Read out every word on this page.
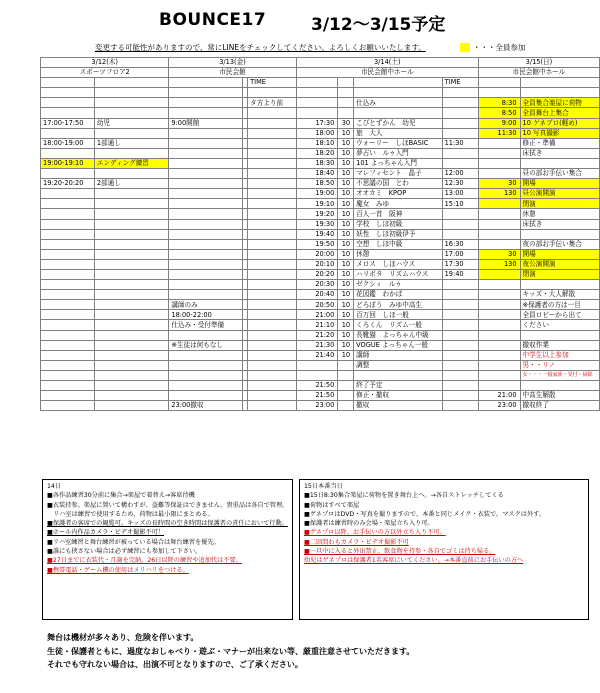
BOUNCE17	3/12〜3/15予定
変更する可能性がありますので、常にLINEをチェックしてください。よろしくお願いいたします。	・・・全員参加
3/12(木)		3/13(金)			3/14(土)				3/15(日)	
スポーツフロア2		市民会館			市民会館中ホール				市民会館中ホール	
				TIME				TIME		

				タ方より前			仕込み		8:30	全員集合楽屋に荷物
									8:50	全員舞台上集合
17:00-17:50	幼児	9:00開館			17:30	30	こびとずかん　幼児		9:00	10 ゲネプロ(軽め)
					18:00	10	旅　大人		11:30	10 写真撮影
18:00-19:00	1部通し				18:10	10	ウォーリー　しほBASIC	11:30		修正・準備
					18:20	10	夢占い　ルゥ入門			床拭き
19:00-19:10	エンディング練習				18:30	10	101 よっちゃん入門			
					18:40	10	マレフィセント　晶子	12:00		昼の部お手伝い集合
19:20-20:20	2部通し				18:50	10	不思議の国　とわ	12:30	30	開場
					19:00	10	オオカミ　KPOP	13:00	130	昼公演開演
					19:10	10	魔女　みゆ	15:10		閉演
					19:20	10	百人一首　阪神			休憩
					19:30	10	学校　しほ初級			床拭き
					19:40	10	妖性　しほ初級伊予			
					19:50	10	空想　しほ中級	16:30		夜の部お手伝い集合
					20:00	10	休憩	17:00	30	開場
					20:10	10	メロス　しほハウス	17:30	130	夜公演開演
					20:20	10	ハリポタ　リズムハウス	19:40		閉演
					20:30	10	ゼクシィ　ルゥ			
					20:40	10	花図鑑　わかば			キッズ・大人解散
		講師のみ			20:50	10	どろぼう　みゆ中高生			※保護者の方は一旦
		18:00-22:00			21:00	10	百万回　しほ一般			全員ロビーから出て
		仕込み・受付準備			21:10	10	くろくん　リズム一般			ください
					21:20	10	長靴猫　よっちゃん中級			
		※生徒は何もなし			21:30	10	VOGUE よっちゃん一般			撤収作業
					21:40	10	講師			中学生以上参加
							調整			男・・リノ
										女・・・一般家族・受付・掃除
					21:50		終了予定			
					21:50		修正・撤収		21:00	中高生解散
		23:00撤収			23:00		撤収		23:00	撤収終了
14日
■各作品練習30分前に集合→楽屋で着替え→客席待機
■衣装持参。楽屋に置いて構わすが、盗難等保証はできません。貴重品は各自で管理。
　リハ室は練習で使用するため、荷物は最小限にまとめる。
■保護者の客席での観覧可。キッズの長時間の空き時間は保護者の責任において行動。
■ホール内作品カメラ・ビデオ撮影不可！
■リハ室練習と舞台練習が被っている場合は舞台練習を優先。
■誰にも挟さない場合は必ず練習にも参加して下さい。
■27日までに衣装代・月謝を完納。26日以降の練習や追加代は不要。
■携帯電話・ゲーム機の使用はメリハリをつける。
15日本番当日
■15日8:30集合楽屋に荷物を置き舞台上へ。→各自ストレッチしてくる
■荷物はすべて楽屋
■ゲネプロはDVD・写真を撮りますので、本番と同じメイク・衣装で。マスクは外す。
■保護者は練習時のみ会場・楽屋立ち入り可。
■ゲネプロ以降、お手伝いの方以外立ち入り不可。
■二回問わもカメラ・ビデオ撮影不可
■一旦中に入ると外出禁止。飲食物を持参・各自でゴミは持ち帰る。
幼児はゲネプロは保護者1名客席にいてください。→本番直前にお手伝いの方へ
舞台は機材が多々あり、危険を伴います。
生徒・保護者ともに、過度なおしゃべり・遊ぶ・マナーが出来ない等、厳重注意させていただきます。
それでも守れない場合は、出演不可となりますので、ご了承ください。
